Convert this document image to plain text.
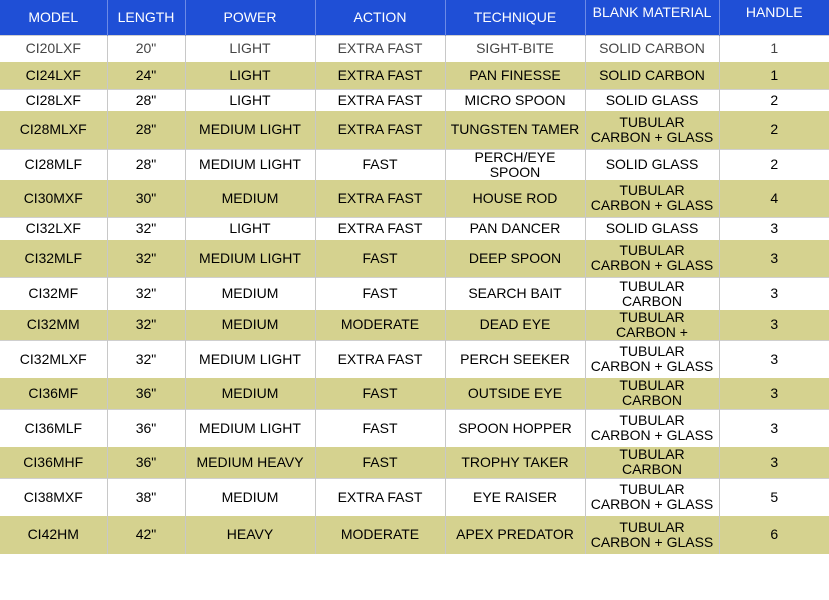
MODEL	LENGTH	POWER	ACTION	TECHNIQUE	BLANK MATERIAL	HANDLE

CI20LXF	20"	LIGHT	EXTRA FAST	SIGHT-BITE	SOLID CARBON	1

CI24LXF	24"	LIGHT	EXTRA FAST	PAN FINESSE	SOLID CARBON	1

CI28LXF	28"	LIGHT	EXTRA FAST	MICRO SPOON	SOLID GLASS	2

CI28MLXF	28"	MEDIUM LIGHT	EXTRA FAST	TUNGSTEN TAMER	TUBULAR CARBON + GLASS	2

CI28MLF	28"	MEDIUM LIGHT	FAST	PERCH/EYE SPOON	SOLID GLASS	2

CI30MXF	30"	MEDIUM	EXTRA FAST	HOUSE ROD	TUBULAR CARBON + GLASS	4

CI32LXF	32"	LIGHT	EXTRA FAST	PAN DANCER	SOLID GLASS	3

CI32MLF	32"	MEDIUM LIGHT	FAST	DEEP SPOON	TUBULAR CARBON + GLASS	3

CI32MF	32"	MEDIUM	FAST	SEARCH BAIT	TUBULAR CARBON	3

CI32MM	32"	MEDIUM	MODERATE	DEAD EYE	TUBULAR CARBON +	3

CI32MLXF	32"	MEDIUM LIGHT	EXTRA FAST	PERCH SEEKER	TUBULAR CARBON + GLASS	3

CI36MF	36"	MEDIUM	FAST	OUTSIDE EYE	TUBULAR CARBON	3

CI36MLF	36"	MEDIUM LIGHT	FAST	SPOON HOPPER	TUBULAR CARBON + GLASS	3

CI36MHF	36"	MEDIUM HEAVY	FAST	TROPHY TAKER	TUBULAR CARBON	3

CI38MXF	38"	MEDIUM	EXTRA FAST	EYE RAISER	TUBULAR CARBON + GLASS	5

CI42HM	42"	HEAVY	MODERATE	APEX PREDATOR	TUBULAR CARBON + GLASS	6
